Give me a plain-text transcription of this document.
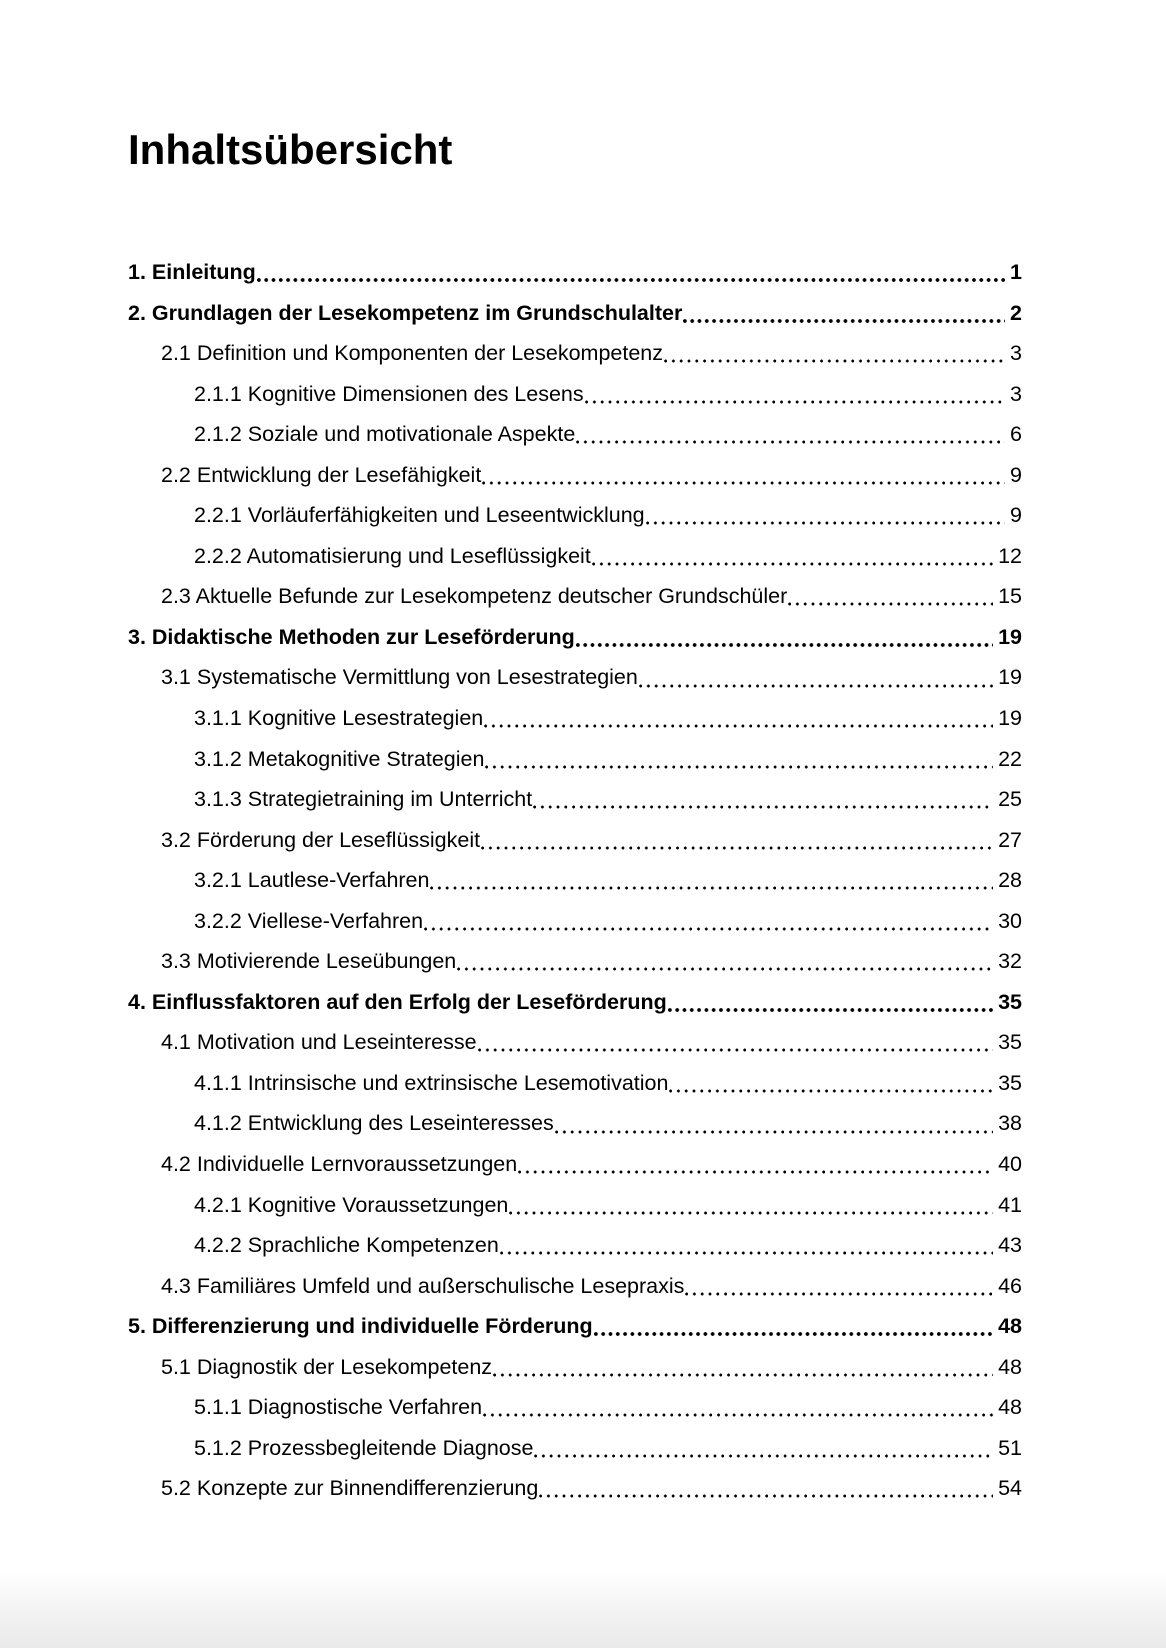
Inhaltsübersicht
1. Einleitung	1
2. Grundlagen der Lesekompetenz im Grundschulalter	2
2.1 Definition und Komponenten der Lesekompetenz	3
2.1.1 Kognitive Dimensionen des Lesens	3
2.1.2 Soziale und motivationale Aspekte	6
2.2 Entwicklung der Lesefähigkeit	9
2.2.1 Vorläuferfähigkeiten und Leseentwicklung	9
2.2.2 Automatisierung und Leseflüssigkeit	12
2.3 Aktuelle Befunde zur Lesekompetenz deutscher Grundschüler	15
3. Didaktische Methoden zur Leseförderung	19
3.1 Systematische Vermittlung von Lesestrategien	19
3.1.1 Kognitive Lesestrategien	19
3.1.2 Metakognitive Strategien	22
3.1.3 Strategietraining im Unterricht	25
3.2 Förderung der Leseflüssigkeit	27
3.2.1 Lautlese-Verfahren	28
3.2.2 Viellese-Verfahren	30
3.3 Motivierende Leseübungen	32
4. Einflussfaktoren auf den Erfolg der Leseförderung	35
4.1 Motivation und Leseinteresse	35
4.1.1 Intrinsische und extrinsische Lesemotivation	35
4.1.2 Entwicklung des Leseinteresses	38
4.2 Individuelle Lernvoraussetzungen	40
4.2.1 Kognitive Voraussetzungen	41
4.2.2 Sprachliche Kompetenzen	43
4.3 Familiäres Umfeld und außerschulische Lesepraxis	46
5. Differenzierung und individuelle Förderung	48
5.1 Diagnostik der Lesekompetenz	48
5.1.1 Diagnostische Verfahren	48
5.1.2 Prozessbegleitende Diagnose	51
5.2 Konzepte zur Binnendifferenzierung	54
